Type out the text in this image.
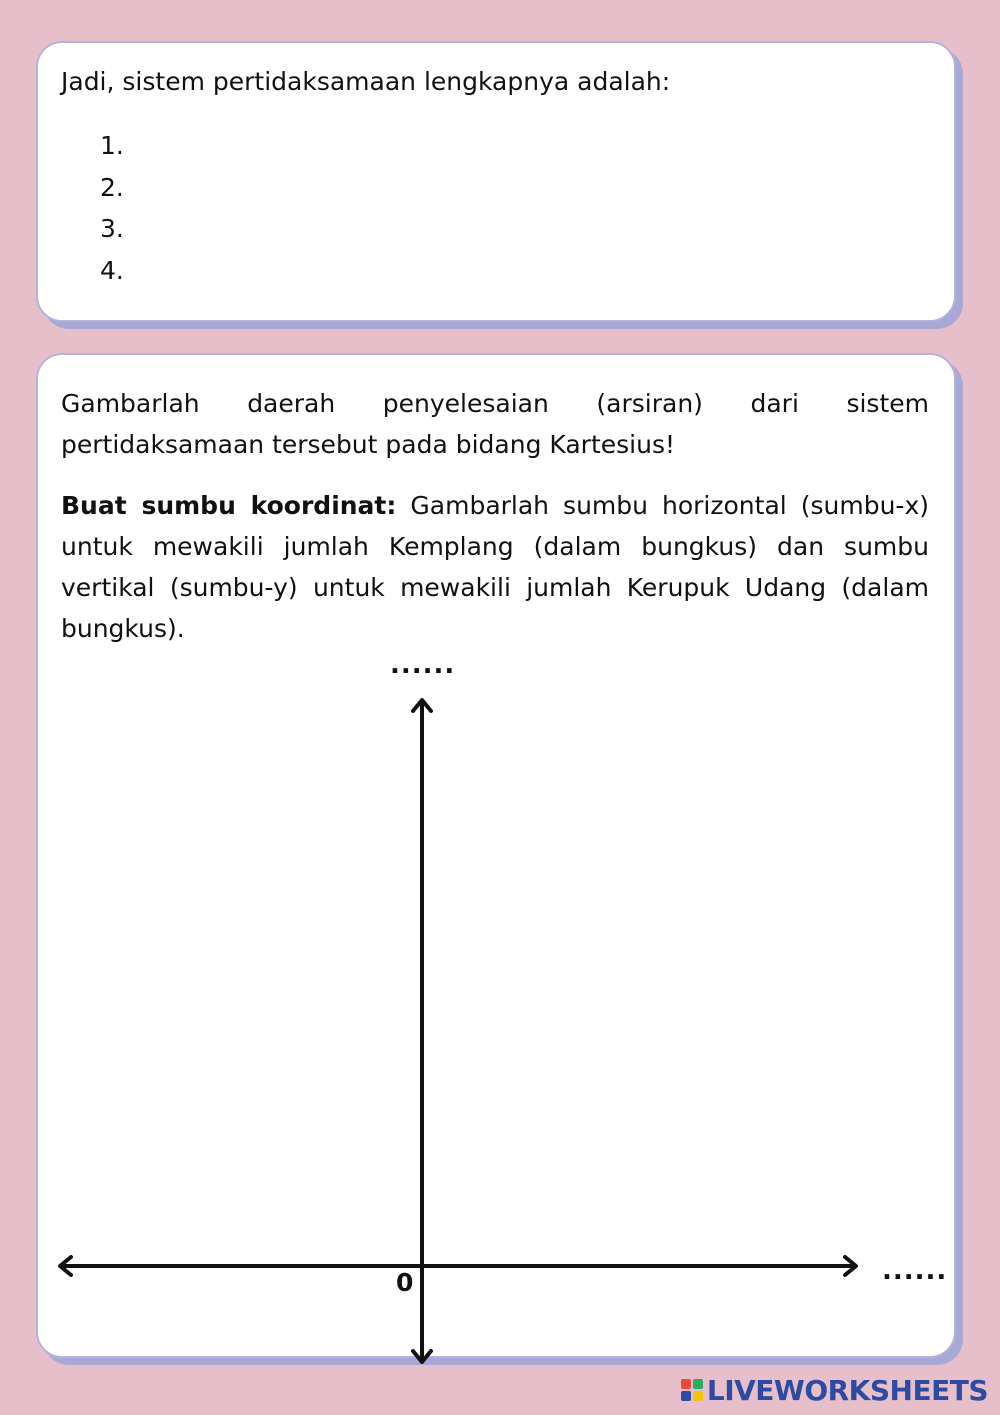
Jadi, sistem pertidaksamaan lengkapnya adalah:

1.
2.
3.
4.

Gambarlah daerah penyelesaian (arsiran) dari sistem pertidaksamaan tersebut pada bidang Kartesius!

Buat sumbu koordinat: Gambarlah sumbu horizontal (sumbu-x) untuk mewakili jumlah Kemplang (dalam bungkus) dan sumbu vertikal (sumbu-y) untuk mewakili jumlah Kerupuk Udang (dalam bungkus).

......
......
0
LIVEWORKSHEETS
